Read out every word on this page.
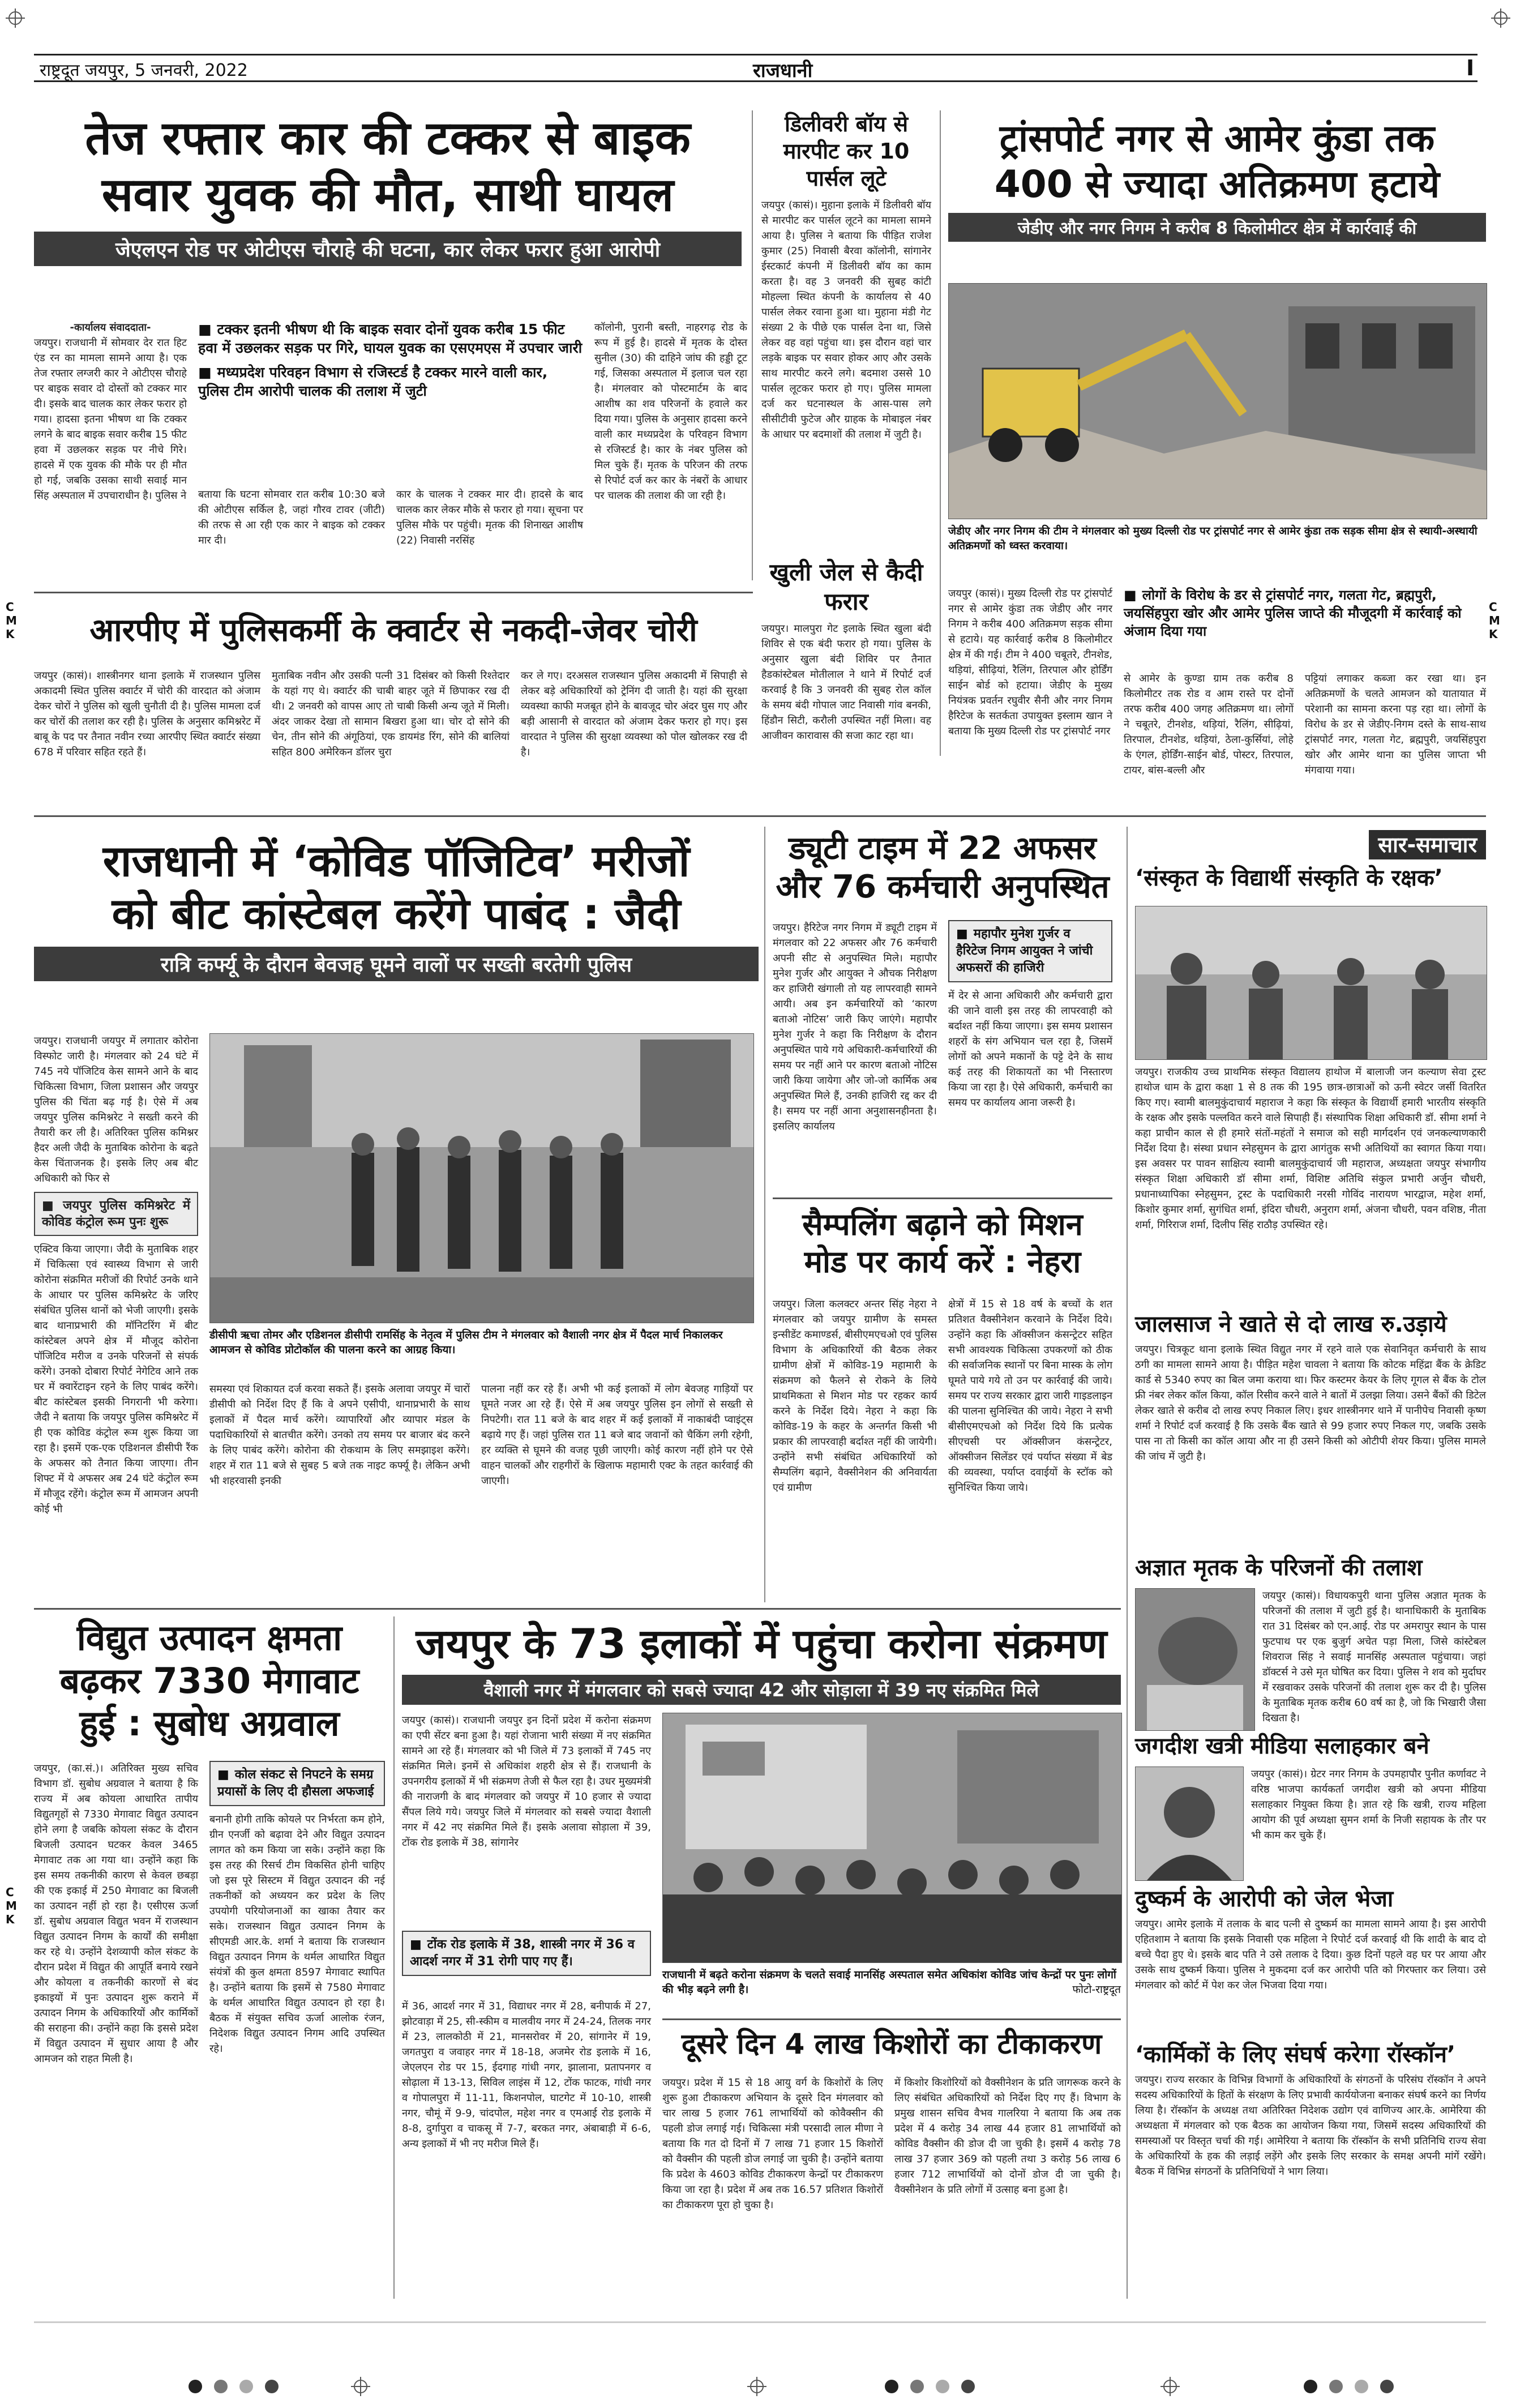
C
M
K
C
M
K
C
M
K
राष्ट्रदूत जयपुर, 5 जनवरी, 2022	राजधानी	I
तेज रफ्तार कार की टक्कर से बाइक
सवार युवक की मौत, साथी घायल
जेएलएन रोड पर ओटीएस चौराहे की घटना, कार लेकर फरार हुआ आरोपी
-कार्यालय संवाददाता-
जयपुर। राजधानी में सोमवार देर रात हिट एंड रन का मामला सामने आया है। एक तेज रफ्तार लग्जरी कार ने ओटीएस चौराहे पर बाइक सवार दो दोस्तों को टक्कर मार दी। इसके बाद चालक कार लेकर फरार हो गया। हादसा इतना भीषण था कि टक्कर लगने के बाद बाइक सवार करीब 15 फीट हवा में उछलकर सड़क पर नीचे गिरे। हादसे में एक युवक की मौके पर ही मौत हो गई, जबकि उसका साथी सवाई मान सिंह अस्पताल में उपचाराधीन है। पुलिस ने
■ टक्कर इतनी भीषण थी कि बाइक सवार दोनों युवक करीब 15 फीट हवा में उछलकर सड़क पर गिरे, घायल युवक का एसएमएस में उपचार जारी
■ मध्यप्रदेश परिवहन विभाग से रजिस्टर्ड है टक्कर मारने वाली कार, पुलिस टीम आरोपी चालक की तलाश में जुटी
बताया कि घटना सोमवार रात करीब 10:30 बजे की ओटीएस सर्किल है, जहां गौरव टावर (जीटी) की तरफ से आ रही एक कार ने बाइक को टक्कर मार दी।
कार के चालक ने टक्कर मार दी। हादसे के बाद चालक कार लेकर मौके से फरार हो गया। सूचना पर पुलिस मौके पर पहुंची। मृतक की शिनाख्त आशीष (22) निवासी नरसिंह
कॉलोनी, पुरानी बस्ती, नाहरगढ़ रोड के रूप में हुई है। हादसे में मृतक के दोस्त सुनील (30) की दाहिने जांघ की हड्डी टूट गई, जिसका अस्पताल में इलाज चल रहा है। मंगलवार को पोस्टमार्टम के बाद आशीष का शव परिजनों के हवाले कर दिया गया। पुलिस के अनुसार हादसा करने वाली कार मध्यप्रदेश के परिवहन विभाग से रजिस्टर्ड है। कार के नंबर पुलिस को मिल चुके हैं। मृतक के परिजन की तरफ से रिपोर्ट दर्ज कर कार के नंबरों के आधार पर चालक की तलाश की जा रही है।
डिलीवरी बॉय से मारपीट कर 10 पार्सल लूटे
जयपुर (कासं)। मुहाना इलाके में डिलीवरी बॉय से मारपीट कर पार्सल लूटने का मामला सामने आया है। पुलिस ने बताया कि पीड़ित राजेश कुमार (25) निवासी बैरवा कॉलोनी, सांगानेर ईस्टकार्ट कंपनी में डिलीवरी बॉय का काम करता है। वह 3 जनवरी की सुबह कांटी मोहल्ला स्थित कंपनी के कार्यालय से 40 पार्सल लेकर रवाना हुआ था। मुहाना मंडी गेट संख्या 2 के पीछे एक पार्सल देना था, जिसे लेकर वह वहां पहुंचा था। इस दौरान वहां चार लड़के बाइक पर सवार होकर आए और उसके साथ मारपीट करने लगे। बदमाश उससे 10 पार्सल लूटकर फरार हो गए। पुलिस मामला दर्ज कर घटनास्थल के आस-पास लगे सीसीटीवी फुटेज और ग्राहक के मोबाइल नंबर के आधार पर बदमाशों की तलाश में जुटी है।
ट्रांसपोर्ट नगर से आमेर कुंडा तक
400 से ज्यादा अतिक्रमण हटाये
जेडीए और नगर निगम ने करीब 8 किलोमीटर क्षेत्र में कार्रवाई की
जेडीए और नगर निगम की टीम ने मंगलवार को मुख्य दिल्ली रोड पर ट्रांसपोर्ट नगर से आमेर कुंडा तक सड़क सीमा क्षेत्र से स्थायी-अस्थायी अतिक्रमणों को ध्वस्त करवाया।
जयपुर (कासं)। मुख्य दिल्ली रोड पर ट्रांसपोर्ट नगर से आमेर कुंडा तक जेडीए और नगर निगम ने करीब 400 अतिक्रमण सड़क सीमा से हटाये। यह कार्रवाई करीब 8 किलोमीटर क्षेत्र में की गई। टीम ने 400 चबूतरे, टीनशेड, थड़ियां, सीढ़ियां, रैलिंग, तिरपाल और होर्डिंग साईन बोर्ड को हटाया। जेडीए के मुख्य नियंत्रक प्रवर्तन रघुवीर सैनी और नगर निगम हैरिटेज के सतर्कता उपायुक्त इस्लाम खान ने बताया कि मुख्य दिल्ली रोड पर ट्रांसपोर्ट नगर
■ लोगों के विरोध के डर से ट्रांसपोर्ट नगर, गलता गेट, ब्रह्मपुरी, जयसिंहपुरा खोर और आमेर पुलिस जाप्ते की मौजूदगी में कार्रवाई को अंजाम दिया गया
से आमेर के कुण्डा ग्राम तक करीब 8 किलोमीटर तक रोड व आम रास्ते पर दोनों तरफ करीब 400 जगह अतिक्रमण था। लोगों ने चबूतरे, टीनशेड, थड़ियां, रैलिंग, सीढ़ियां, तिरपाल, टीनशेड, थड़ियां, ठेला-कुर्सियां, लोहे के एंगल, होर्डिंग-साईन बोर्ड, पोस्टर, तिरपाल, टायर, बांस-बल्ली और
पट्टियां लगाकर कब्जा कर रखा था। इन अतिक्रमणों के चलते आमजन को यातायात में परेशानी का सामना करना पड़ रहा था। लोगों के विरोध के डर से जेडीए-निगम दस्ते के साथ-साथ ट्रांसपोर्ट नगर, गलता गेट, ब्रह्मपुरी, जयसिंहपुरा खोर और आमेर थाना का पुलिस जाप्ता भी मंगवाया गया।
खुली जेल से कैदी फरार
जयपुर। मालपुरा गेट इलाके स्थित खुला बंदी शिविर से एक बंदी फरार हो गया। पुलिस के अनुसार खुला बंदी शिविर पर तैनात हैडकांस्टेबल मोतीलाल ने थाने में रिपोर्ट दर्ज करवाई है कि 3 जनवरी की सुबह रोल कॉल के समय बंदी गोपाल जाट निवासी गांव बनकी, हिंडौन सिटी, करौली उपस्थित नहीं मिला। वह आजीवन कारावास की सजा काट रहा था।
आरपीए में पुलिसकर्मी के क्वार्टर से नकदी-जेवर चोरी
जयपुर (कासं)। शास्त्रीनगर थाना इलाके में राजस्थान पुलिस अकादमी स्थित पुलिस क्वार्टर में चोरी की वारदात को अंजाम देकर चोरों ने पुलिस को खुली चुनौती दी है। पुलिस मामला दर्ज कर चोरों की तलाश कर रही है। पुलिस के अनुसार कमिश्नरेट में बाबू के पद पर तैनात नवीन रच्या आरपीए स्थित क्वार्टर संख्या 678 में परिवार सहित रहते हैं।
मुताबिक नवीन और उसकी पत्नी 31 दिसंबर को किसी रिश्तेदार के यहां गए थे। क्वार्टर की चाबी बाहर जूते में छिपाकर रख दी थी। 2 जनवरी को वापस आए तो चाबी किसी अन्य जूते में मिली। अंदर जाकर देखा तो सामान बिखरा हुआ था। चोर दो सोने की चेन, तीन सोने की अंगूठियां, एक डायमंड रिंग, सोने की बालियां सहित 800 अमेरिकन डॉलर चुरा
कर ले गए। दरअसल राजस्थान पुलिस अकादमी में सिपाही से लेकर बड़े अधिकारियों को ट्रेनिंग दी जाती है। यहां की सुरक्षा व्यवस्था काफी मजबूत होने के बावजूद चोर अंदर घुस गए और बड़ी आसानी से वारदात को अंजाम देकर फरार हो गए। इस वारदात ने पुलिस की सुरक्षा व्यवस्था को पोल खोलकर रख दी है।
राजधानी में ‘कोविड पॉजिटिव’ मरीजों
को बीट कांस्टेबल करेंगे पाबंद : जैदी
रात्रि कर्फ्यू के दौरान बेवजह घूमने वालों पर सख्ती बरतेगी पुलिस
जयपुर। राजधानी जयपुर में लगातार कोरोना विस्फोट जारी है। मंगलवार को 24 घंटे में 745 नये पॉजिटिव केस सामने आने के बाद चिकित्सा विभाग, जिला प्रशासन और जयपुर पुलिस की चिंता बढ़ गई है। ऐसे में अब जयपुर पुलिस कमिश्नरेट ने सख्ती करने की तैयारी कर ली है। अतिरिक्त पुलिस कमिश्नर हैदर अली जैदी के मुताबिक कोरोना के बढ़ते केस चिंताजनक है। इसके लिए अब बीट अधिकारी को फिर से
■ जयपुर पुलिस कमिश्नरेट में कोविड कंट्रोल रूम पुनः शुरू
एक्टिव किया जाएगा। जैदी के मुताबिक शहर में चिकित्सा एवं स्वास्थ्य विभाग से जारी कोरोना संक्रमित मरीजों की रिपोर्ट उनके थाने के आधार पर पुलिस कमिश्नरेट के जरिए संबंधित पुलिस थानों को भेजी जाएगी। इसके बाद थानाप्रभारी की मॉनिटरिंग में बीट कांस्टेबल अपने क्षेत्र में मौजूद कोरोना पॉजिटिव मरीज व उनके परिजनों से संपर्क करेंगे। उनको दोबारा रिपोर्ट नेगेटिव आने तक घर में क्वारेंटाइन रहने के लिए पाबंद करेंगे। बीट कांस्टेबल इसकी निगरानी भी करेगा। जैदी ने बताया कि जयपुर पुलिस कमिश्नरेट में ही एक कोविड कंट्रोल रूम शुरू किया जा रहा है। इसमें एक-एक एडिशनल डीसीपी रैंक के अफसर को तैनात किया जाएगा। तीन शिफ्ट में ये अफसर अब 24 घंटे कंट्रोल रूम में मौजूद रहेंगे। कंट्रोल रूम में आमजन अपनी कोई भी
डीसीपी ऋचा तोमर और एडिशनल डीसीपी रामसिंह के नेतृत्व में पुलिस टीम ने मंगलवार को वैशाली नगर क्षेत्र में पैदल मार्च निकालकर आमजन से कोविड प्रोटोकॉल की पालना करने का आग्रह किया।
समस्या एवं शिकायत दर्ज करवा सकते हैं। इसके अलावा जयपुर में चारों डीसीपी को निर्देश दिए हैं कि वे अपने एसीपी, थानाप्रभारी के साथ इलाकों में पैदल मार्च करेंगे। व्यापारियों और व्यापार मंडल के पदाधिकारियों से बातचीत करेंगे। उनको तय समय पर बाजार बंद करने के लिए पाबंद करेंगे। कोरोना की रोकथाम के लिए समझाइश करेंगे। शहर में रात 11 बजे से सुबह 5 बजे तक नाइट कर्फ्यू है। लेकिन अभी भी शहरवासी इनकी
पालना नहीं कर रहे हैं। अभी भी कई इलाकों में लोग बेवजह गाड़ियों पर घूमते नजर आ रहे हैं। ऐसे में अब जयपुर पुलिस इन लोगों से सख्ती से निपटेगी। रात 11 बजे के बाद शहर में कई इलाकों में नाकाबंदी प्वाइंट्स बढ़ाये गए हैं। जहां पुलिस रात 11 बजे बाद जवानों को चैकिंग लगी रहेगी, हर व्यक्ति से घूमने की वजह पूछी जाएगी। कोई कारण नहीं होने पर ऐसे वाहन चालकों और राहगीरों के खिलाफ महामारी एक्ट के तहत कार्रवाई की जाएगी।
ड्यूटी टाइम में 22 अफसर
और 76 कर्मचारी अनुपस्थित
जयपुर। हैरिटेज नगर निगम में ड्यूटी टाइम में मंगलवार को 22 अफसर और 76 कर्मचारी अपनी सीट से अनुपस्थित मिले। महापौर मुनेश गुर्जर और आयुक्त ने औचक निरीक्षण कर हाजिरी खंगाली तो यह लापरवाही सामने आयी। अब इन कर्मचारियों को ‘कारण बताओ नोटिस’ जारी किए जाएंगे। महापौर मुनेश गुर्जर ने कहा कि निरीक्षण के दौरान अनुपस्थित पाये गये अधिकारी-कर्मचारियों की समय पर नहीं आने पर कारण बताओ नोटिस जारी किया जायेगा और जो-जो कार्मिक अब अनुपस्थित मिले हैं, उनकी हाजिरी रद्द कर दी है। समय पर नहीं आना अनुशासनहीनता है। इसलिए कार्यालय
■ महापौर मुनेश गुर्जर व हैरिटेज निगम आयुक्त ने जांची अफसरों की हाजिरी
में देर से आना अधिकारी और कर्मचारी द्वारा की जाने वाली इस तरह की लापरवाही को बर्दाश्त नहीं किया जाएगा। इस समय प्रशासन शहरों के संग अभियान चल रहा है, जिसमें लोगों को अपने मकानों के पट्टे देने के साथ कई तरह की शिकायतों का भी निस्तारण किया जा रहा है। ऐसे अधिकारी, कर्मचारी का समय पर कार्यालय आना जरूरी है।
सैम्पलिंग बढ़ाने को मिशन
मोड पर कार्य करें : नेहरा
जयपुर। जिला कलक्टर अन्तर सिंह नेहरा ने मंगलवार को जयपुर ग्रामीण के समस्त इन्सीडेंट कमाण्डर्स, बीसीएमएचओ एवं पुलिस विभाग के अधिकारियों की बैठक लेकर ग्रामीण क्षेत्रों में कोविड-19 महामारी के संक्रमण को फैलने से रोकने के लिये प्राथमिकता से मिशन मोड पर रहकर कार्य करने के निर्देश दिये। नेहरा ने कहा कि कोविड-19 के कहर के अन्तर्गत किसी भी प्रकार की लापरवाही बर्दाश्त नहीं की जायेगी। उन्होंने सभी संबंधित अधिकारियों को सैम्पलिंग बढ़ाने, वैक्सीनेशन की अनिवार्यता एवं ग्रामीण
क्षेत्रों में 15 से 18 वर्ष के बच्चों के शत प्रतिशत वैक्सीनेशन करवाने के निर्देश दिये। उन्होंने कहा कि ऑक्सीजन कंसन्ट्रेटर सहित सभी आवश्यक चिकित्सा उपकरणों को ठीक की सर्वाजनिक स्थानों पर बिना मास्क के लोग घूमते पाये गये तो उन पर कार्रवाई की जाये। समय पर राज्य सरकार द्वारा जारी गाइडलाइन की पालना सुनिश्चित की जाये। नेहरा ने सभी बीसीएमएचओ को निर्देश दिये कि प्रत्येक सीएचसी पर ऑक्सीजन कंसन्ट्रेटर, ऑक्सीजन सिलेंडर एवं पर्याप्त संख्या में बेड की व्यवस्था, पर्याप्त दवाईयों के स्टॉक को सुनिश्चित किया जाये।
सार-समाचार
‘संस्कृत के विद्यार्थी संस्कृति के रक्षक’
जयपुर। राजकीय उच्च प्राथमिक संस्कृत विद्यालय हाथोज में बालाजी जन कल्याण सेवा ट्रस्ट हाथोज धाम के द्वारा कक्षा 1 से 8 तक की 195 छात्र-छात्राओं को ऊनी स्वेटर जर्सी वितरित किए गए। स्वामी बालमुकुंदाचार्य महाराज ने कहा कि संस्कृत के विद्यार्थी हमारी भारतीय संस्कृति के रक्षक और इसके पल्लवित करने वाले सिपाही हैं। संस्थापिक शिक्षा अधिकारी डॉ. सीमा शर्मा ने कहा प्राचीन काल से ही हमारे संतों-महंतों ने समाज को सही मार्गदर्शन एवं जनकल्याणकारी निर्देश दिया है। संस्था प्रधान स्नेहसुमन के द्वारा आगंतुक सभी अतिथियों का स्वागत किया गया। इस अवसर पर पावन साक्षित्य स्वामी बालमुकुंदाचार्य जी महाराज, अध्यक्षता जयपुर संभागीय संस्कृत शिक्षा अधिकारी डॉ सीमा शर्मा, विशिष्ट अतिथि संकुल प्रभारी अर्जुन चौधरी, प्रधानाध्यापिका स्नेहसुमन, ट्रस्ट के पदाधिकारी नरसी गोविंद नारायण भारद्वाज, महेश शर्मा, किशोर कुमार शर्मा, सुगंधित शर्मा, इंदिरा चौधरी, अनुराग शर्मा, अंजना चौधरी, पवन वशिष्ठ, नीता शर्मा, गिरिराज शर्मा, दिलीप सिंह राठौड़ उपस्थित रहे।
जालसाज ने खाते से दो लाख रु.उड़ाये
जयपुर। चित्रकूट थाना इलाके स्थित विद्युत नगर में रहने वाले एक सेवानिवृत कर्मचारी के साथ ठगी का मामला सामने आया है। पीड़ित महेश चावला ने बताया कि कोटक महिंद्रा बैंक के क्रेडिट कार्ड से 5340 रुपए का बिल जमा कराया था। फिर कस्टमर केयर के लिए गूगल से बैंक के टोल फ्री नंबर लेकर कॉल किया, कॉल रिसीव करने वाले ने बातों में उलझा लिया। उसने बैंकों की डिटेल लेकर खाते से करीब दो लाख रुपए निकाल लिए। इधर शास्त्रीनगर थाने में पानीपेच निवासी कृष्ण शर्मा ने रिपोर्ट दर्ज करवाई है कि उसके बैंक खाते से 99 हजार रुपए निकल गए, जबकि उसके पास ना तो किसी का कॉल आया और ना ही उसने किसी को ओटीपी शेयर किया। पुलिस मामले की जांच में जुटी है।
अज्ञात मृतक के परिजनों की तलाश
जयपुर (कासं)। विधायकपुरी थाना पुलिस अज्ञात मृतक के परिजनों की तलाश में जुटी हुई है। थानाधिकारी के मुताबिक रात 31 दिसंबर को एन.आई. रोड पर अमरापुर स्थान के पास फुटपाथ पर एक बुजुर्ग अचेत पड़ा मिला, जिसे कांस्टेबल शिवराज सिंह ने सवाई मानसिंह अस्पताल पहुंचाया। जहां डॉक्टर्स ने उसे मृत घोषित कर दिया। पुलिस ने शव को मुर्दाघर में रखवाकर उसके परिजनों की तलाश शुरू कर दी है। पुलिस के मुताबिक मृतक करीब 60 वर्ष का है, जो कि भिखारी जैसा दिखता है।
जगदीश खत्री मीडिया सलाहकार बने
जयपुर (कासं)। ग्रेटर नगर निगम के उपमहापौर पुनीत कर्णावट ने वरिष्ठ भाजपा कार्यकर्ता जगदीश खत्री को अपना मीडिया सलाहकार नियुक्त किया है। ज्ञात रहे कि खत्री, राज्य महिला आयोग की पूर्व अध्यक्षा सुमन शर्मा के निजी सहायक के तौर पर भी काम कर चुके हैं।
दुष्कर्म के आरोपी को जेल भेजा
जयपुर। आमेर इलाके में तलाक के बाद पत्नी से दुष्कर्म का मामला सामने आया है। इस आरोपी एहितशाम ने बताया कि इसके निवासी एक महिला ने रिपोर्ट दर्ज करवाई थी कि शादी के बाद दो बच्चे पैदा हुए थे। इसके बाद पति ने उसे तलाक दे दिया। कुछ दिनों पहले वह घर पर आया और उसके साथ दुष्कर्म किया। पुलिस ने मुकदमा दर्ज कर आरोपी पति को गिरफ्तार कर लिया। उसे मंगलवार को कोर्ट में पेश कर जेल भिजवा दिया गया।
‘कार्मिकों के लिए संघर्ष करेगा रॉस्कॉन’
जयपुर। राज्य सरकार के विभिन्न विभागों के अधिकारियों के संगठनों के परिसंघ रॉस्कॉन ने अपने सदस्य अधिकारियों के हितों के संरक्षण के लिए प्रभावी कार्ययोजना बनाकर संघर्ष करने का निर्णय लिया है। रॉस्कॉन के अध्यक्ष तथा अतिरिक्त निदेशक उद्योग एवं वाणिज्य आर.के. आमेरिया की अध्यक्षता में मंगलवार को एक बैठक का आयोजन किया गया, जिसमें सदस्य अधिकारियों की समस्याओं पर विस्तृत चर्चा की गई। आमेरिया ने बताया कि रॉस्कॉन के सभी प्रतिनिधि राज्य सेवा के अधिकारियों के हक की लड़ाई लड़ेंगे और इसके लिए सरकार के समक्ष अपनी मांगें रखेंगे। बैठक में विभिन्न संगठनों के प्रतिनिधियों ने भाग लिया।
विद्युत उत्पादन क्षमता
बढ़कर 7330 मेगावाट
हुई : सुबोध अग्रवाल
जयपुर, (का.सं.)। अतिरिक्त मुख्य सचिव विभाग डॉ. सुबोध अग्रवाल ने बताया है कि राज्य में अब कोयला आधारित तापीय विद्युतगृहों से 7330 मेगावाट विद्युत उत्पादन होने लगा है जबकि कोयला संकट के दौरान बिजली उत्पादन घटकर केवल 3465 मेगावाट तक आ गया था। उन्होंने कहा कि इस समय तकनीकी कारण से केवल छबड़ा की एक इकाई में 250 मेगावाट का बिजली का उत्पादन नहीं हो रहा है। एसीएस ऊर्जा डॉ. सुबोध अग्रवाल विद्युत भवन में राजस्थान विद्युत उत्पादन निगम के कार्यों की समीक्षा कर रहे थे। उन्होंने देशव्यापी कोल संकट के दौरान प्रदेश में विद्युत की आपूर्ति बनाये रखने और कोयला व तकनीकी कारणों से बंद इकाइयों में पुनः उत्पादन शुरू कराने में उत्पादन निगम के अधिकारियों और कार्मिकों की सराहना की। उन्होंने कहा कि इससे प्रदेश में विद्युत उत्पादन में सुधार आया है और आमजन को राहत मिली है।
■ कोल संकट से निपटने के समग्र प्रयासों के लिए दी हौसला अफजाई
बनानी होगी ताकि कोयले पर निर्भरता कम होने, ग्रीन एनर्जी को बढ़ावा देने और विद्युत उत्पादन लागत को कम किया जा सके। उन्होंने कहा कि इस तरह की रिसर्च टीम विकसित होनी चाहिए जो इस पूरे सिस्टम में विद्युत उत्पादन की नई तकनीकों को अध्ययन कर प्रदेश के लिए उपयोगी परियोजनाओं का खाका तैयार कर सके। राजस्थान विद्युत उत्पादन निगम के सीएमडी आर.के. शर्मा ने बताया कि राजस्थान विद्युत उत्पादन निगम के थर्मल आधारित विद्युत संयंत्रों की कुल क्षमता 8597 मेगावाट स्थापित है। उन्होंने बताया कि इसमें से 7580 मेगावाट के थर्मल आधारित विद्युत उत्पादन हो रहा है। बैठक में संयुक्त सचिव ऊर्जा आलोक रंजन, निदेशक विद्युत उत्पादन निगम आदि उपस्थित रहे।
जयपुर के 73 इलाकों में पहुंचा करोना संक्रमण
वैशाली नगर में मंगलवार को सबसे ज्यादा 42 और सोड़ाला में 39 नए संक्रमित मिले
जयपुर (कासं)। राजधानी जयपुर इन दिनों प्रदेश में करोना संक्रमण का एपी सेंटर बना हुआ है। यहां रोजाना भारी संख्या में नए संक्रमित सामने आ रहे हैं। मंगलवार को भी जिले में 73 इलाकों में 745 नए संक्रमित मिले। इनमें से अधिकांश शहरी क्षेत्र से हैं। राजधानी के उपनगरीय इलाकों में भी संक्रमण तेजी से फैल रहा है। उधर मुख्यमंत्री की नाराजगी के बाद मंगलवार को जयपुर में 10 हजार से ज्यादा सैंपल लिये गये। जयपुर जिले में मंगलवार को सबसे ज्यादा वैशाली नगर में 42 नए संक्रमित मिले हैं। इसके अलावा सोड़ाला में 39, टोंक रोड इलाके में 38, सांगानेर
■ टोंक रोड इलाके में 38, शास्त्री नगर में 36 व आदर्श नगर में 31 रोगी पाए गए हैं।
में 36, आदर्श नगर में 31, विद्याधर नगर में 28, बनीपार्क में 27, झोटवाड़ा में 25, सी-स्कीम व मालवीय नगर में 24-24, तिलक नगर में 23, लालकोठी में 21, मानसरोवर में 20, सांगानेर में 19, जगतपुरा व जवाहर नगर में 18-18, अजमेर रोड इलाके में 16, जेएलएन रोड पर 15, ईदगाह गांधी नगर, झालाना, प्रतापनगर व सोढ़ाला में 13-13, सिविल लाइंस में 12, टोंक फाटक, गांधी नगर व गोपालपुरा में 11-11, किशनपोल, घाटगेट में 10-10, शास्त्री नगर, चौमूं में 9-9, चांदपोल, महेश नगर व एमआई रोड इलाके में 8-8, दुर्गापुरा व चाकसू में 7-7, बरकत नगर, अंबाबाड़ी में 6-6, अन्य इलाकों में भी नए मरीज मिले हैं।
राजधानी में बढ़ते करोना संक्रमण के चलते सवाई मानसिंह अस्पताल समेत अधिकांश कोविड जांच केन्द्रों पर पुनः लोगों की भीड़ बढ़ने लगी है।	फोटो-राष्ट्रदूत
दूसरे दिन 4 लाख किशोरों का टीकाकरण
जयपुर। प्रदेश में 15 से 18 आयु वर्ग के किशोरों के लिए शुरू हुआ टीकाकरण अभियान के दूसरे दिन मंगलवार को चार लाख 5 हजार 761 लाभार्थियों को कोवैक्सीन की पहली डोज लगाई गई। चिकित्सा मंत्री परसादी लाल मीणा ने बताया कि गत दो दिनों में 7 लाख 71 हजार 15 किशोरों को वैक्सीन की पहली डोज लगाई जा चुकी है। उन्होंने बताया कि प्रदेश के 4603 कोविड टीकाकरण केन्द्रों पर टीकाकरण किया जा रहा है। प्रदेश में अब तक 16.57 प्रतिशत किशोरों का टीकाकरण पूरा हो चुका है।
में किशोर किशोरियों को वैक्सीनेशन के प्रति जागरूक करने के लिए संबंधित अधिकारियों को निर्देश दिए गए हैं। विभाग के प्रमुख शासन सचिव वैभव गालरिया ने बताया कि अब तक प्रदेश में 4 करोड़ 34 लाख 44 हजार 81 लाभार्थियों को कोविड वैक्सीन की डोज दी जा चुकी है। इसमें 4 करोड़ 78 लाख 37 हजार 369 को पहली तथा 3 करोड़ 56 लाख 6 हजार 712 लाभार्थियों को दोनों डोज दी जा चुकी है। वैक्सीनेशन के प्रति लोगों में उत्साह बना हुआ है।
